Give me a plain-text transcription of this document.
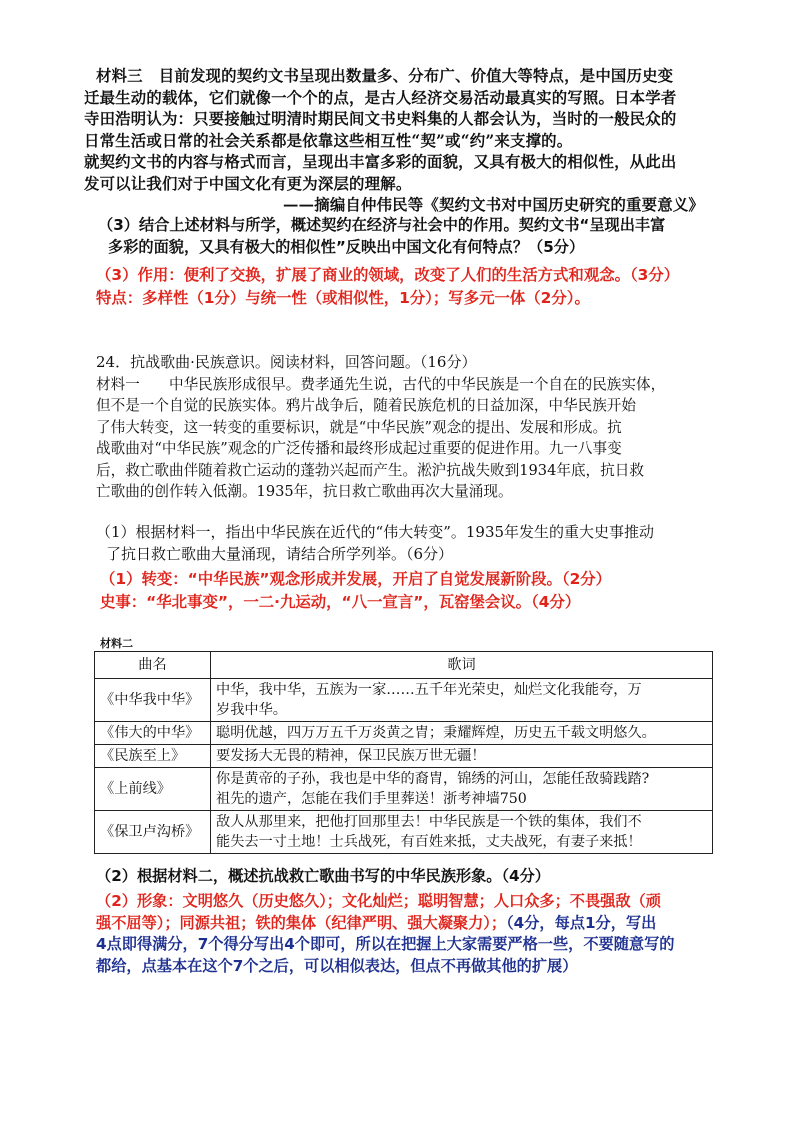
材料三 目前发现的契约文书呈现出数量多、分布广、价值大等特点，是中国历史变
迁最生动的载体，它们就像一个个的点，是古人经济交易活动最真实的写照。日本学者
寺田浩明认为：只要接触过明清时期民间文书史料集的人都会认为，当时的一般民众的
日常生活或日常的社会关系都是依靠这些相互性“契”或“约”来支撑的。
就契约文书的内容与格式而言，呈现出丰富多彩的面貌，又具有极大的相似性，从此出
发可以让我们对于中国文化有更为深层的理解。
——摘编自仲伟民等《契约文书对中国历史研究的重要意义》
（3）结合上述材料与所学，概述契约在经济与社会中的作用。契约文书“呈现出丰富
多彩的面貌，又具有极大的相似性”反映出中国文化有何特点？（5分）
（3）作用：便利了交换，扩展了商业的领域，改变了人们的生活方式和观念。（3分）
特点：多样性（1分）与统一性（或相似性，1分）；写多元一体（2分）。
24．抗战歌曲·民族意识。阅读材料，回答问题。（16分）
材料一　　中华民族形成很早。费孝通先生说，古代的中华民族是一个自在的民族实体，
但不是一个自觉的民族实体。鸦片战争后，随着民族危机的日益加深，中华民族开始
了伟大转变，这一转变的重要标识，就是“中华民族”观念的提出、发展和形成。抗
战歌曲对“中华民族”观念的广泛传播和最终形成起过重要的促进作用。九一八事变
后，救亡歌曲伴随着救亡运动的蓬勃兴起而产生。淞沪抗战失败到1934年底，抗日救
亡歌曲的创作转入低潮。1935年，抗日救亡歌曲再次大量涌现。
（1）根据材料一，指出中华民族在近代的“伟大转变”。1935年发生的重大史事推动
了抗日救亡歌曲大量涌现，请结合所学列举。（6分）
（1）转变：“中华民族”观念形成并发展，开启了自觉发展新阶段。（2分）
史事：“华北事变”，一二·九运动，“八一宣言”，瓦窑堡会议。（4分）
材料二
曲名	歌词
《中华我中华》	中华，我中华，五族为一家……五千年光荣史，灿烂文化我能夸，万
岁我中华。

《伟大的中华》	聪明优越，四万万五千万炎黄之胄；秉耀辉煌，历史五千载文明悠久。

《民族至上》	要发扬大无畏的精神，保卫民族万世无疆！

《上前线》	你是黄帝的子孙，我也是中华的裔胄，锦绣的河山，怎能任敌骑践踏?
祖先的遗产，怎能在我们手里葬送！浙考神墙750

《保卫卢沟桥》	敌人从那里来，把他打回那里去！中华民族是一个铁的集体，我们不
能失去一寸土地！士兵战死，有百姓来抵，丈夫战死，有妻子来抵！
（2）根据材料二，概述抗战救亡歌曲书写的中华民族形象。（4分）
（2）形象：文明悠久（历史悠久）；文化灿烂；聪明智慧；人口众多；不畏强敌（顽
强不屈等）；同源共祖；铁的集体（纪律严明、强大凝聚力）；（4分，每点1分，写出
4点即得满分，7个得分写出4个即可，所以在把握上大家需要严格一些，不要随意写的
都给，点基本在这个7个之后，可以相似表达，但点不再做其他的扩展）
